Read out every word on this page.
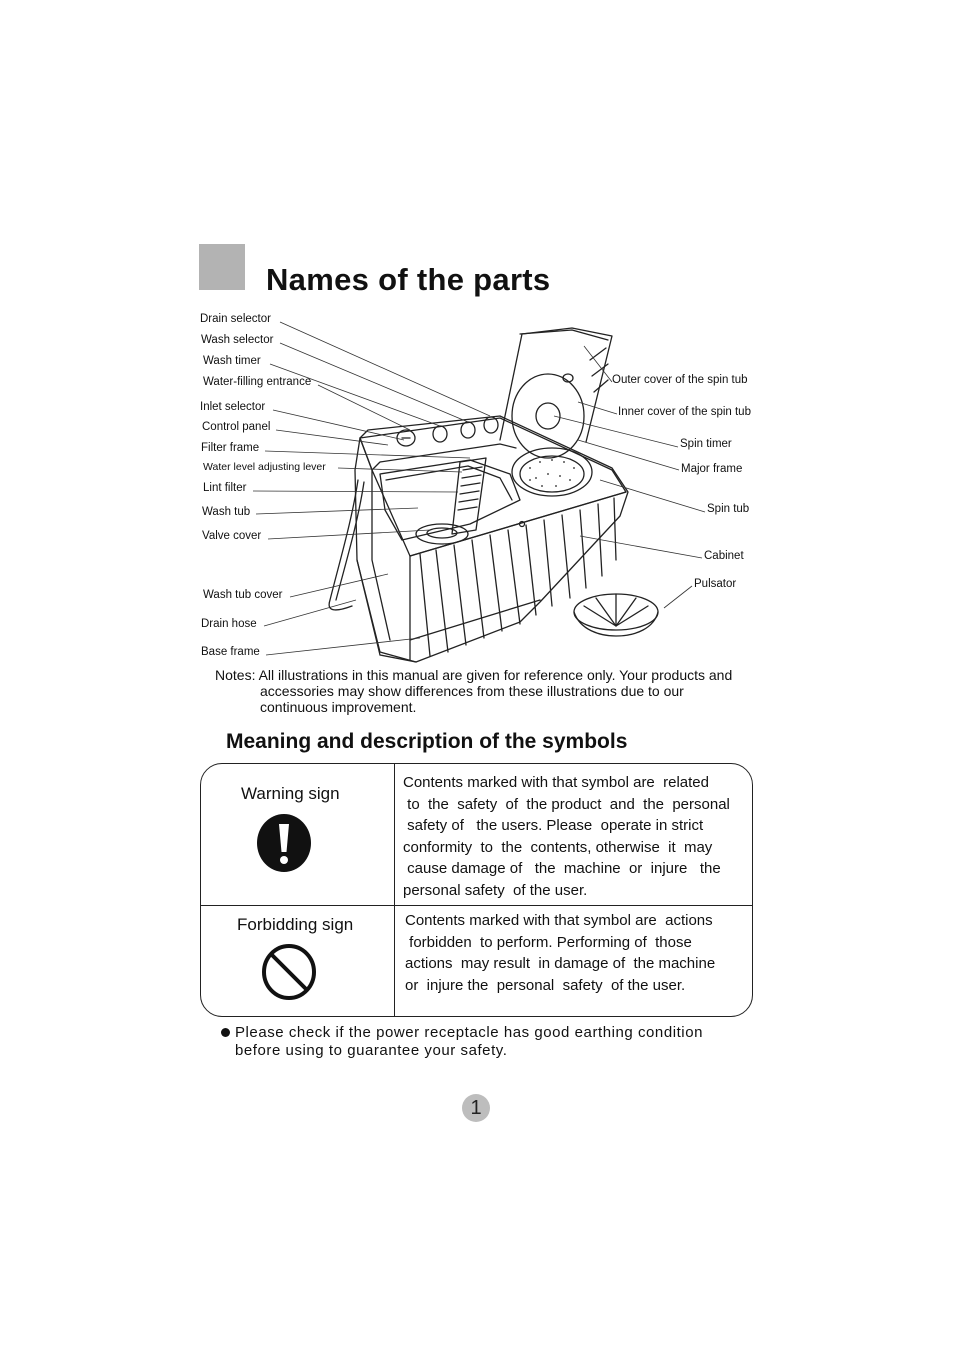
Names of the parts
Drain selector
Wash selector
Wash timer
Water-filling entrance
Inlet selector
Control panel
Filter frame
Water level adjusting lever
Lint filter
Wash tub
Valve cover
Wash tub cover
Drain hose
Base frame
Outer cover of the spin tub
Inner cover of the spin tub
Spin timer
Major frame
Spin tub
Cabinet
Pulsator
Notes: All illustrations in this manual are given for reference only. Your products and
accessories may show differences from these illustrations due to our
continuous improvement.
Meaning and description of the symbols
Warning sign
Contents marked with that symbol are  related
to  the  safety  of  the product  and  the  personal
safety of   the users. Please  operate in strict
conformity  to  the  contents, otherwise  it  may
cause damage of   the  machine  or  injure   the
personal safety  of the user.
Forbidding sign	Contents marked with that symbol are  actions
forbidden  to perform. Performing of  those
actions  may result  in damage of  the machine
or  injure the  personal  safety  of the user.
Please check if the power receptacle has good earthing condition
before using to guarantee your safety.
1
